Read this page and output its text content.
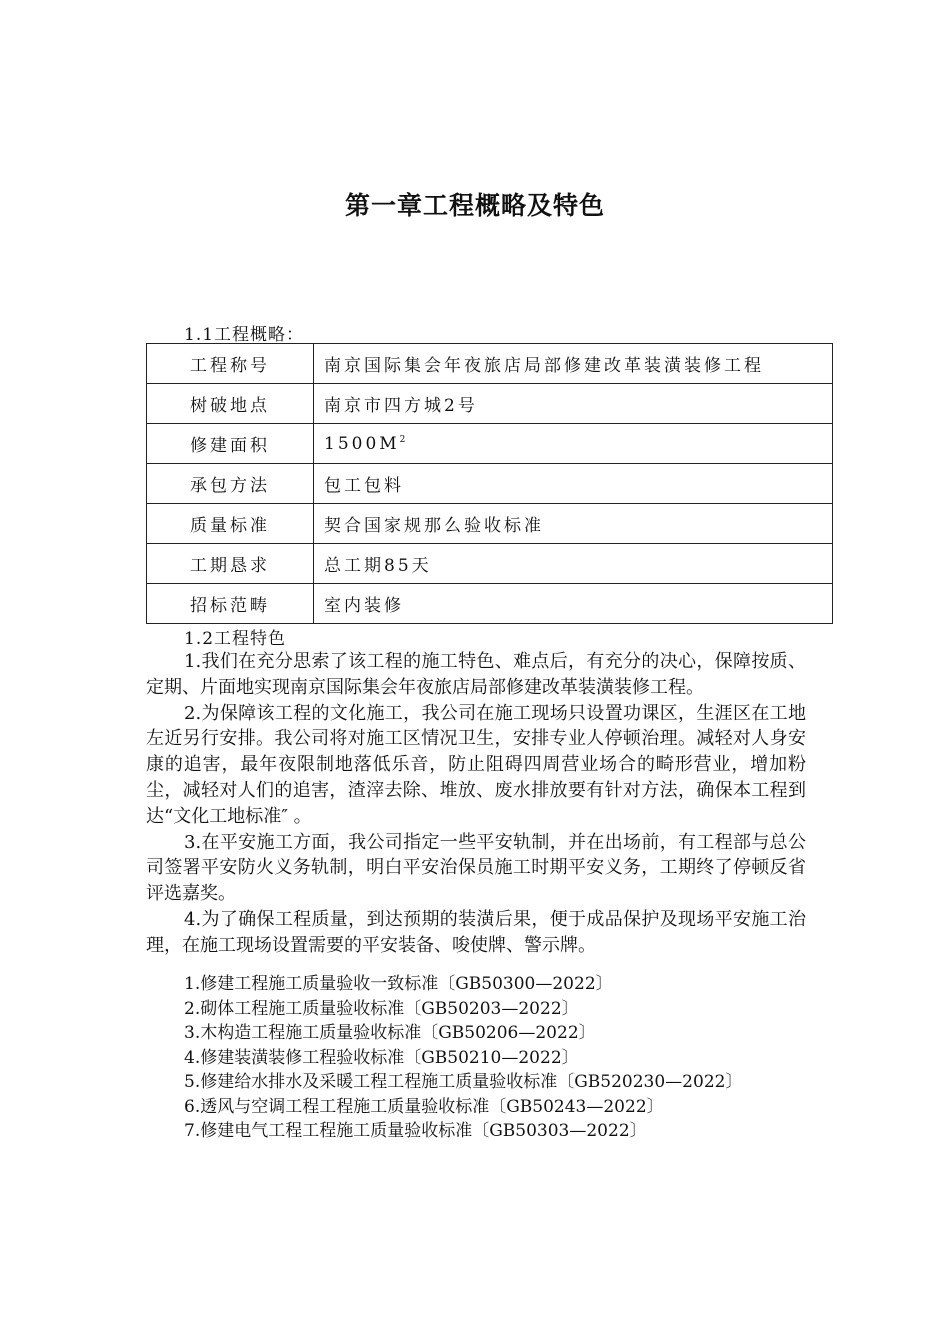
第一章工程概略及特色
1.1工程概略：
工程称号	南京国际集会年夜旅店局部修建改革装潢装修工程
树破地点	南京市四方城2号
修建面积	$1500M^2$
承包方法	包工包料
质量标准	契合国家规那么验收标准
工期恳求	总工期85天
招标范畴	室内装修
1.2工程特色

1.我们在充分思索了该工程的施工特色、难点后，有充分的决心，保障按质、定期、片面地实现南京国际集会年夜旅店局部修建改革装潢装修工程。

2.为保障该工程的文化施工，我公司在施工现场只设置功课区，生涯区在工地左近另行安排。我公司将对施工区情况卫生，安排专业人停顿治理。减轻对人身安康的追害，最年夜限制地落低乐音，防止阻碍四周营业场合的畸形营业，增加粉尘，减轻对人们的追害，渣滓去除、堆放、废水排放要有针对方法，确保本工程到达“文化工地标准″ 。

3.在平安施工方面，我公司指定一些平安轨制，并在出场前，有工程部与总公司签署平安防火义务轨制，明白平安治保员施工时期平安义务，工期终了停顿反省评选嘉奖。

4.为了确保工程质量，到达预期的装潢后果，便于成品保护及现场平安施工治理，在施工现场设置需要的平安装备、唆使牌、警示牌。

1.修建工程施工质量验收一致标准〔GB50300—2022〕
2.砌体工程施工质量验收标准〔GB50203—2022〕
3.木构造工程施工质量验收标准〔GB50206—2022〕
4.修建装潢装修工程验收标准〔GB50210—2022〕
5.修建给水排水及采暖工程工程施工质量验收标准〔GB520230—2022〕
6.透风与空调工程工程施工质量验收标准〔GB50243—2022〕
7.修建电气工程工程施工质量验收标准〔GB50303—2022〕
